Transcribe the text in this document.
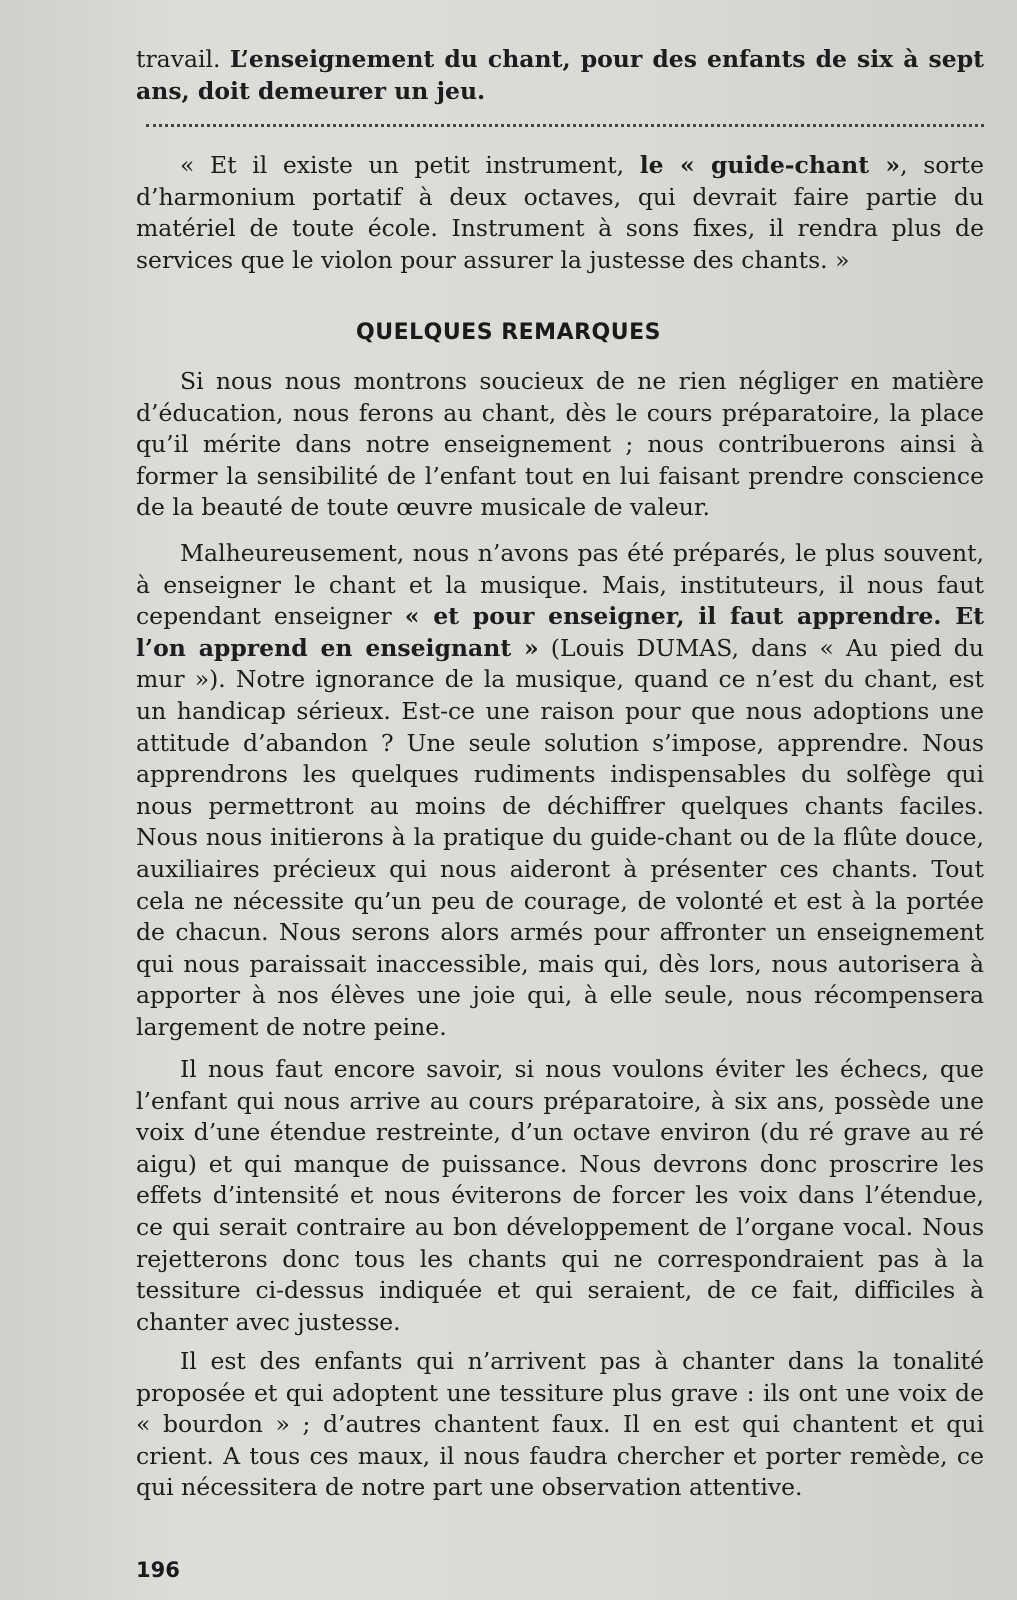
travail. L’enseignement du chant, pour des enfants de six à sept ans, doit demeurer un jeu.

« Et il existe un petit instrument, le « guide-chant », sorte d’harmonium portatif à deux octaves, qui devrait faire partie du matériel de toute école. Instrument à sons fixes, il rendra plus de services que le violon pour assurer la justesse des chants. »

QUELQUES REMARQUES

Si nous nous montrons soucieux de ne rien négliger en matière d’éducation, nous ferons au chant, dès le cours préparatoire, la place qu’il mérite dans notre enseignement ; nous contribuerons ainsi à former la sensibilité de l’enfant tout en lui faisant prendre conscience de la beauté de toute œuvre musicale de valeur.

Malheureusement, nous n’avons pas été préparés, le plus souvent, à enseigner le chant et la musique. Mais, instituteurs, il nous faut cependant enseigner « et pour enseigner, il faut apprendre. Et l’on apprend en enseignant » (Louis DUMAS, dans « Au pied du mur »). Notre ignorance de la musique, quand ce n’est du chant, est un handicap sérieux. Est-ce une raison pour que nous adoptions une attitude d’abandon ? Une seule solution s’impose, apprendre. Nous apprendrons les quelques rudiments indispensables du solfège qui nous permettront au moins de déchiffrer quelques chants faciles. Nous nous initierons à la pratique du guide-chant ou de la flûte douce, auxiliaires précieux qui nous aideront à présenter ces chants. Tout cela ne nécessite qu’un peu de courage, de volonté et est à la portée de chacun. Nous serons alors armés pour affronter un enseignement qui nous paraissait inaccessible, mais qui, dès lors, nous autorisera à apporter à nos élèves une joie qui, à elle seule, nous récompensera largement de notre peine.

Il nous faut encore savoir, si nous voulons éviter les échecs, que l’enfant qui nous arrive au cours préparatoire, à six ans, possède une voix d’une étendue restreinte, d’un octave environ (du ré grave au ré aigu) et qui manque de puissance. Nous devrons donc proscrire les effets d’intensité et nous éviterons de forcer les voix dans l’étendue, ce qui serait contraire au bon développement de l’organe vocal. Nous rejetterons donc tous les chants qui ne correspondraient pas à la tessiture ci-dessus indiquée et qui seraient, de ce fait, difficiles à chanter avec justesse.

Il est des enfants qui n’arrivent pas à chanter dans la tonalité proposée et qui adoptent une tessiture plus grave : ils ont une voix de « bourdon » ; d’autres chantent faux. Il en est qui chantent et qui crient. A tous ces maux, il nous faudra chercher et porter remède, ce qui nécessitera de notre part une observation attentive.

196
